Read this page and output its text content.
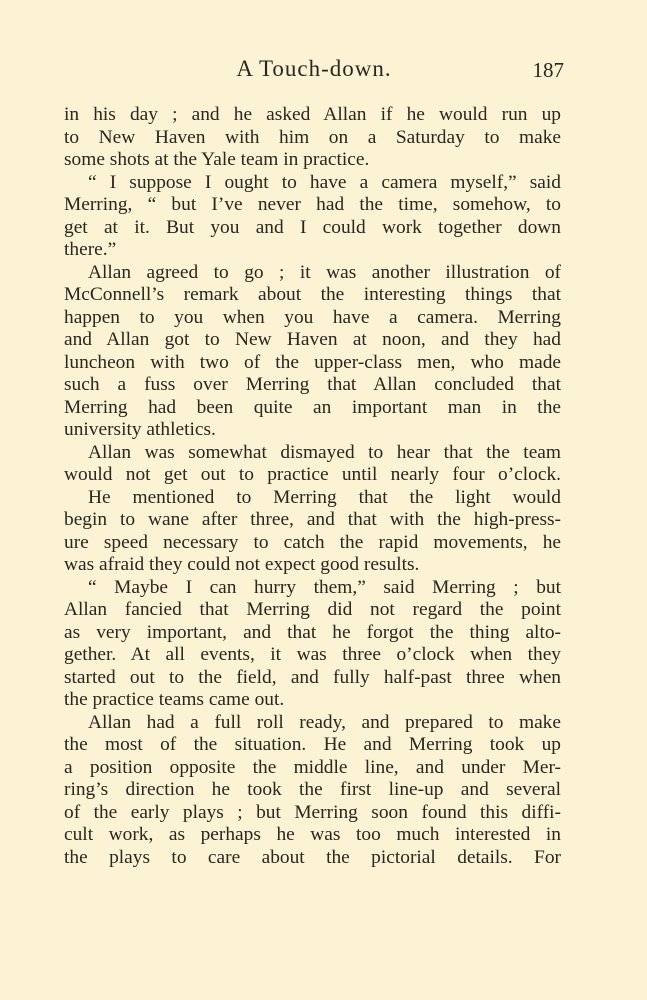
A Touch-down.	187
in his day ; and he asked Allan if he would run up
to New Haven with him on a Saturday to make
some shots at the Yale team in practice.
“ I suppose I ought to have a camera myself,” said
Merring, “ but I’ve never had the time, somehow, to
get at it. But you and I could work together down
there.”
Allan agreed to go ; it was another illustration of
McConnell’s remark about the interesting things that
happen to you when you have a camera. Merring
and Allan got to New Haven at noon, and they had
luncheon with two of the upper-class men, who made
such a fuss over Merring that Allan concluded that
Merring had been quite an important man in the
university athletics.
Allan was somewhat dismayed to hear that the team
would not get out to practice until nearly four o’clock.
He mentioned to Merring that the light would
begin to wane after three, and that with the high-press-
ure speed necessary to catch the rapid movements, he
was afraid they could not expect good results.
“ Maybe I can hurry them,” said Merring ; but
Allan fancied that Merring did not regard the point
as very important, and that he forgot the thing alto-
gether. At all events, it was three o’clock when they
started out to the field, and fully half-past three when
the practice teams came out.
Allan had a full roll ready, and prepared to make
the most of the situation. He and Merring took up
a position opposite the middle line, and under Mer-
ring’s direction he took the first line-up and several
of the early plays ; but Merring soon found this diffi-
cult work, as perhaps he was too much interested in
the plays to care about the pictorial details. For
